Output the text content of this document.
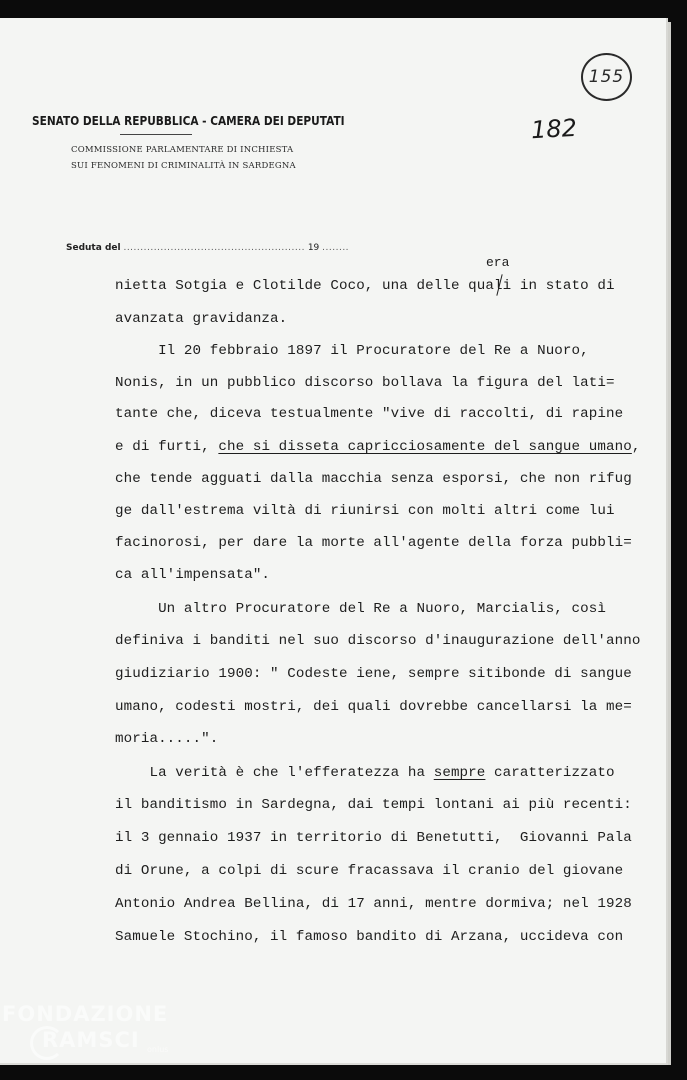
155
182
SENATO DELLA REPUBBLICA - CAMERA DEI DEPUTATI
COMMISSIONE PARLAMENTARE DI INCHIESTA
SUI FENOMENI DI CRIMINALITÀ IN SARDEGNA
Seduta del ...................................................... 19 ........
era
nietta Sotgia e Clotilde Coco, una delle quali in stato di
avanzata gravidanza.
Il 20 febbraio 1897 il Procuratore del Re a Nuoro,
Nonis, in un pubblico discorso bollava la figura del lati=
tante che, diceva testualmente "vive di raccolti, di rapine
e di furti, che si disseta capricciosamente del sangue umano,
che tende agguati dalla macchia senza esporsi, che non rifug
ge dall'estrema viltà di riunirsi con molti altri come lui
facinorosi, per dare la morte all'agente della forza pubbli=
ca all'impensata".
Un altro Procuratore del Re a Nuoro, Marcialis, così
definiva i banditi nel suo discorso d'inaugurazione dell'anno
giudiziario 1900: " Codeste iene, sempre sitibonde di sangue
umano, codesti mostri, dei quali dovrebbe cancellarsi la me=
moria.....".
La verità è che l'efferatezza ha sempre caratterizzato
il banditismo in Sardegna, dai tempi lontani ai più recenti:
il 3 gennaio 1937 in territorio di Benetutti,  Giovanni Pala
di Orune, a colpi di scure fracassava il cranio del giovane
Antonio Andrea Bellina, di 17 anni, mentre dormiva; nel 1928
Samuele Stochino, il famoso bandito di Arzana, uccideva con
FONDAZIONE
RAMSCI onlus
